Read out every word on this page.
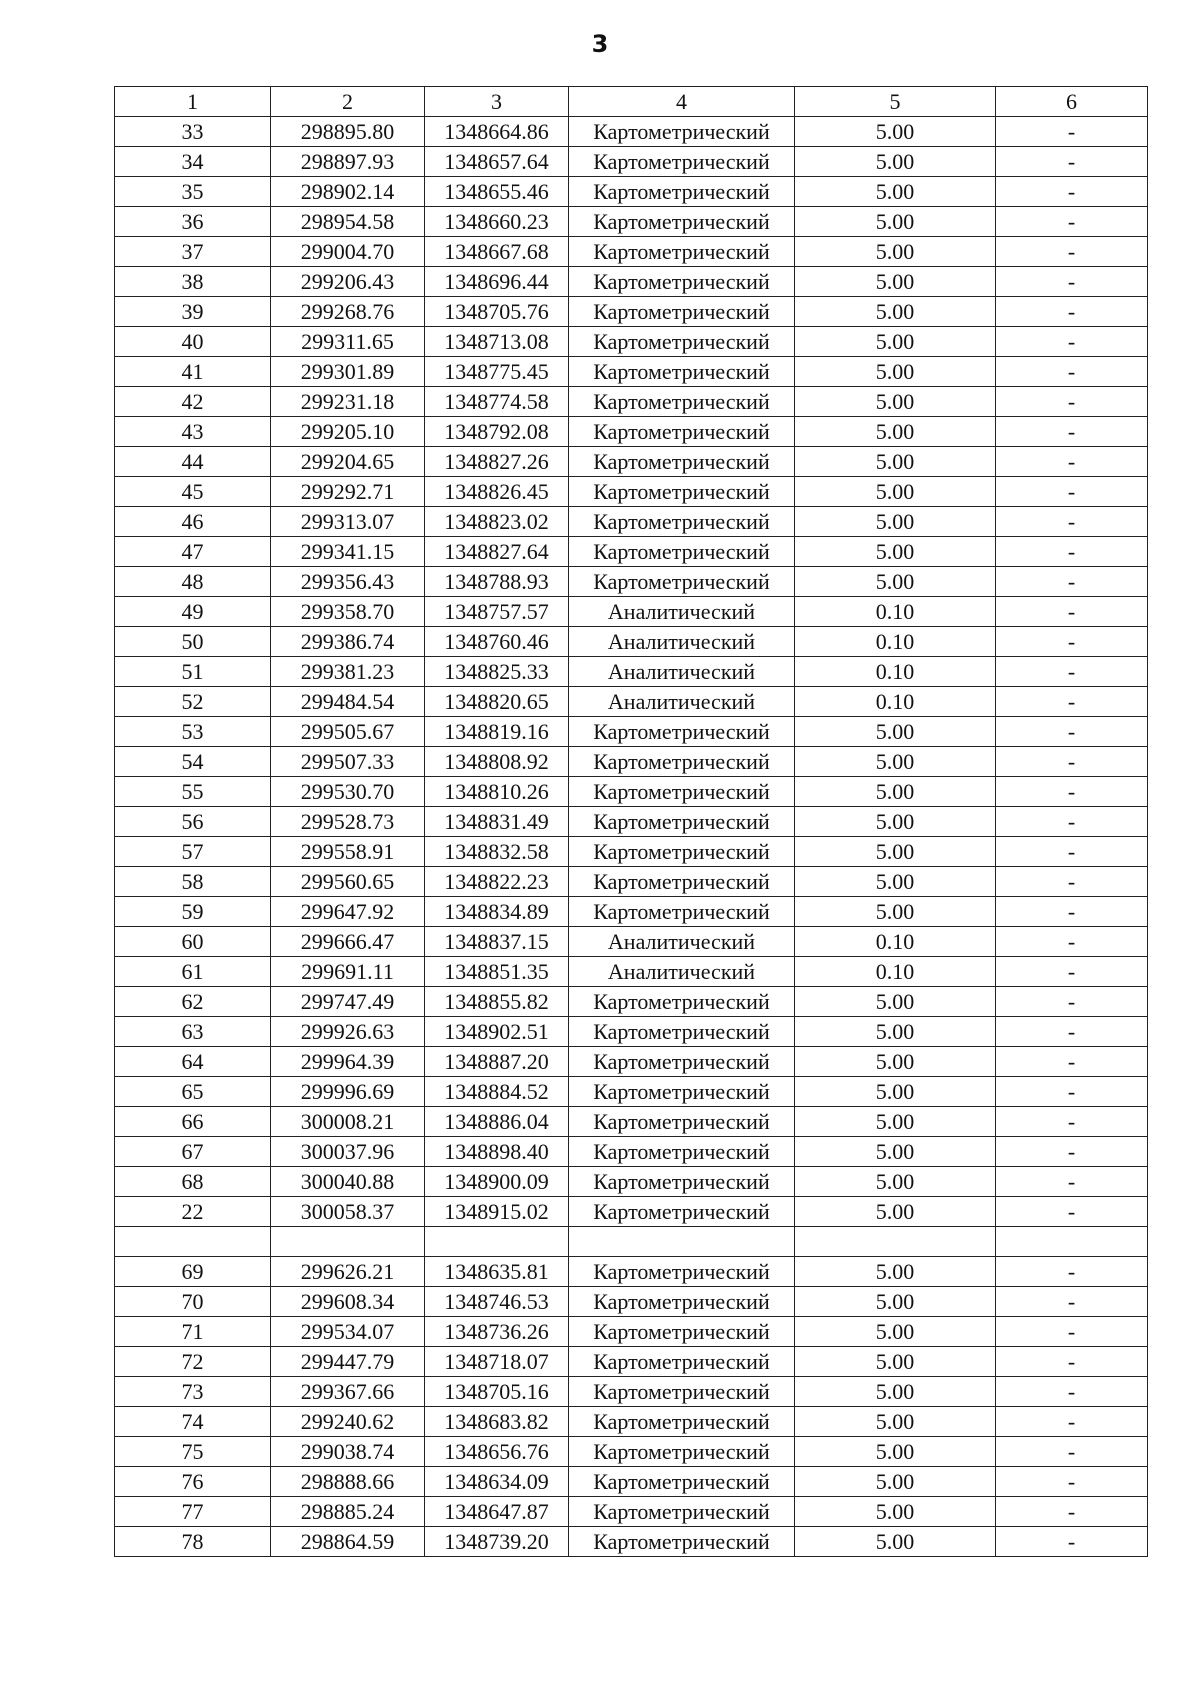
3
1	2	3	4	5	6
33	298895.80	1348664.86	Картометрический	5.00	-
34	298897.93	1348657.64	Картометрический	5.00	-
35	298902.14	1348655.46	Картометрический	5.00	-
36	298954.58	1348660.23	Картометрический	5.00	-
37	299004.70	1348667.68	Картометрический	5.00	-
38	299206.43	1348696.44	Картометрический	5.00	-
39	299268.76	1348705.76	Картометрический	5.00	-
40	299311.65	1348713.08	Картометрический	5.00	-
41	299301.89	1348775.45	Картометрический	5.00	-
42	299231.18	1348774.58	Картометрический	5.00	-
43	299205.10	1348792.08	Картометрический	5.00	-
44	299204.65	1348827.26	Картометрический	5.00	-
45	299292.71	1348826.45	Картометрический	5.00	-
46	299313.07	1348823.02	Картометрический	5.00	-
47	299341.15	1348827.64	Картометрический	5.00	-
48	299356.43	1348788.93	Картометрический	5.00	-
49	299358.70	1348757.57	Аналитический	0.10	-
50	299386.74	1348760.46	Аналитический	0.10	-
51	299381.23	1348825.33	Аналитический	0.10	-
52	299484.54	1348820.65	Аналитический	0.10	-
53	299505.67	1348819.16	Картометрический	5.00	-
54	299507.33	1348808.92	Картометрический	5.00	-
55	299530.70	1348810.26	Картометрический	5.00	-
56	299528.73	1348831.49	Картометрический	5.00	-
57	299558.91	1348832.58	Картометрический	5.00	-
58	299560.65	1348822.23	Картометрический	5.00	-
59	299647.92	1348834.89	Картометрический	5.00	-
60	299666.47	1348837.15	Аналитический	0.10	-
61	299691.11	1348851.35	Аналитический	0.10	-
62	299747.49	1348855.82	Картометрический	5.00	-
63	299926.63	1348902.51	Картометрический	5.00	-
64	299964.39	1348887.20	Картометрический	5.00	-
65	299996.69	1348884.52	Картометрический	5.00	-
66	300008.21	1348886.04	Картометрический	5.00	-
67	300037.96	1348898.40	Картометрический	5.00	-
68	300040.88	1348900.09	Картометрический	5.00	-
22	300058.37	1348915.02	Картометрический	5.00	-

69	299626.21	1348635.81	Картометрический	5.00	-
70	299608.34	1348746.53	Картометрический	5.00	-
71	299534.07	1348736.26	Картометрический	5.00	-
72	299447.79	1348718.07	Картометрический	5.00	-
73	299367.66	1348705.16	Картометрический	5.00	-
74	299240.62	1348683.82	Картометрический	5.00	-
75	299038.74	1348656.76	Картометрический	5.00	-
76	298888.66	1348634.09	Картометрический	5.00	-
77	298885.24	1348647.87	Картометрический	5.00	-
78	298864.59	1348739.20	Картометрический	5.00	-
